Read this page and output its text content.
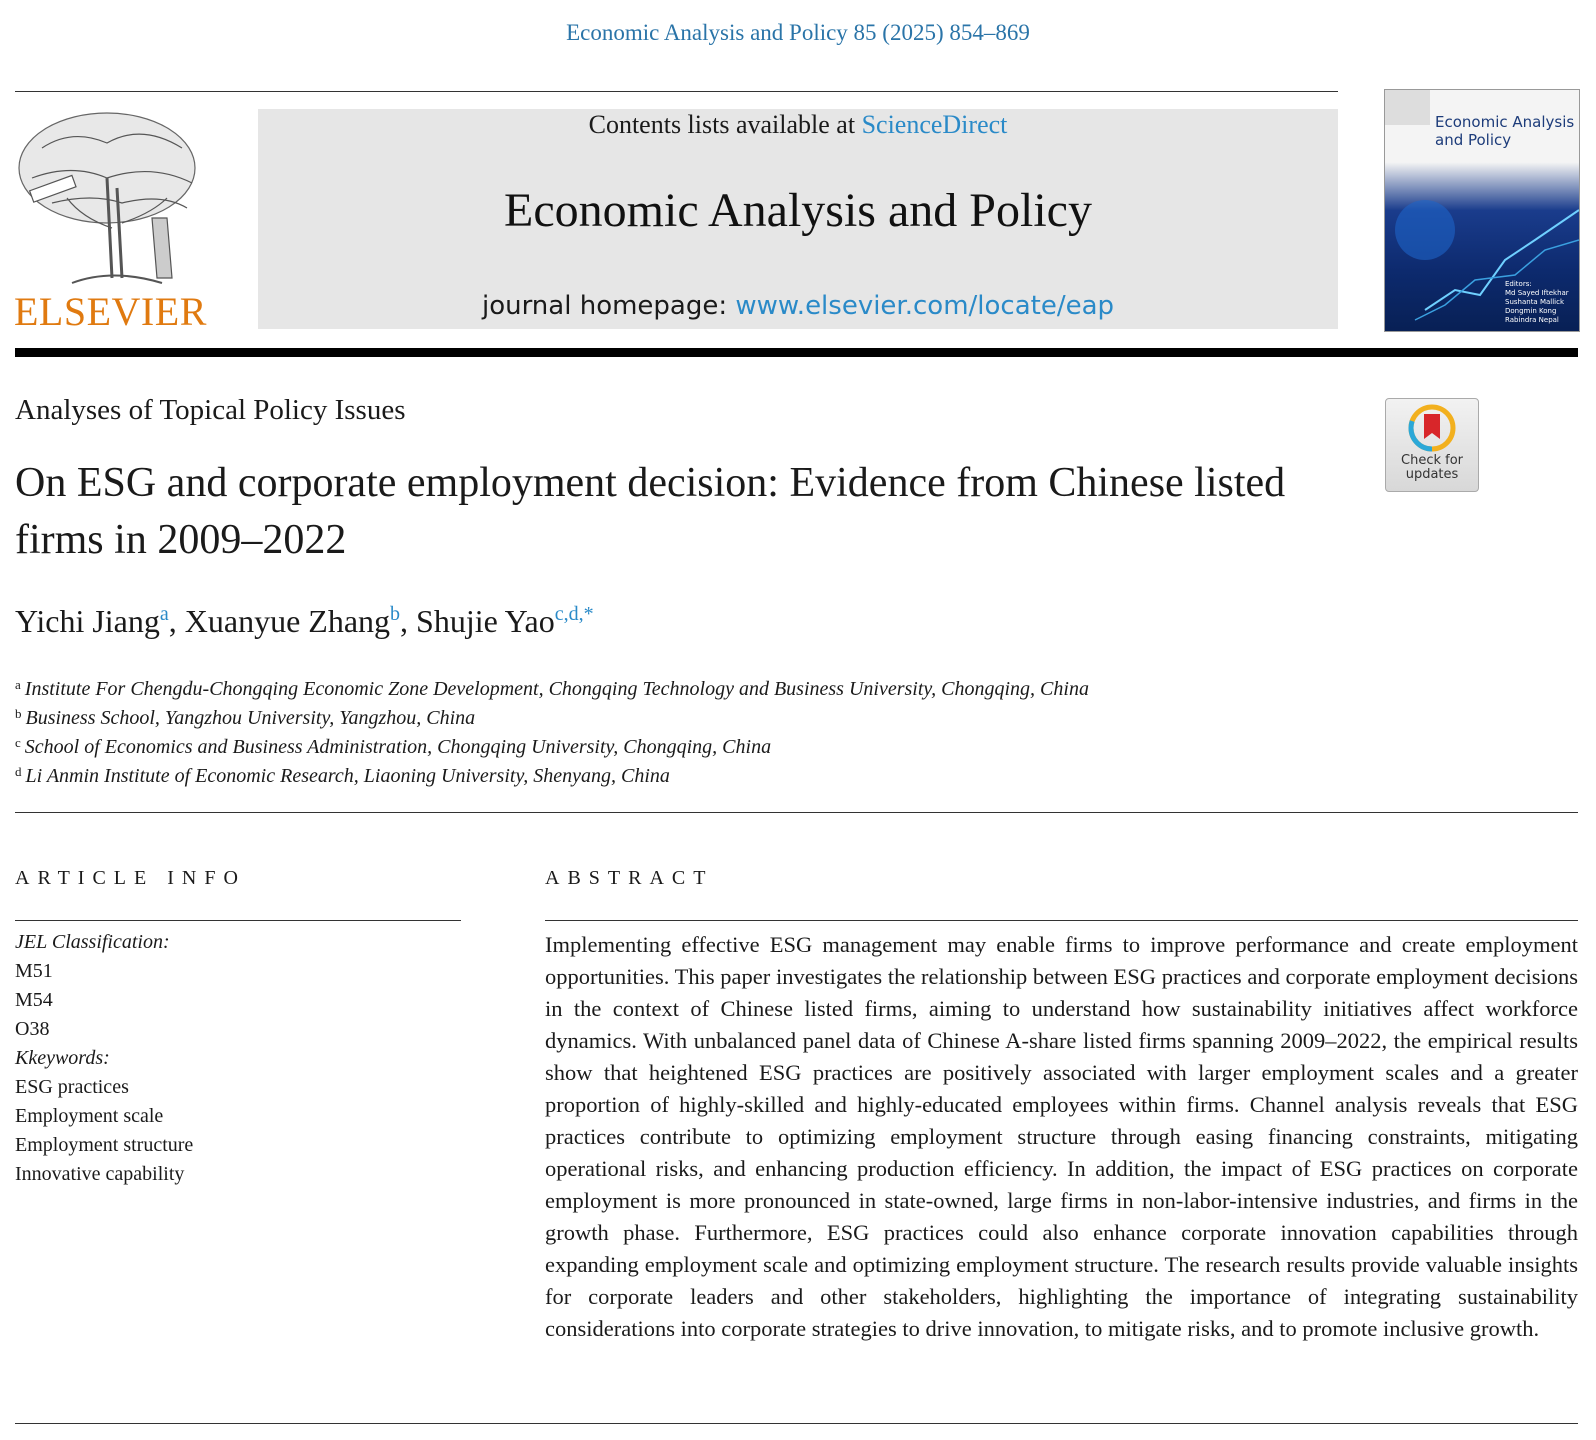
Economic Analysis and Policy 85 (2025) 854–869
ELSEVIER
Contents lists available at ScienceDirect
Economic Analysis and Policy
journal homepage: www.elsevier.com/locate/eap
Economic Analysis and Policy
Editors:
Md Sayed Iftekhar
Sushanta Mallick
Dongmin Kong
Rabindra Nepal
Analyses of Topical Policy Issues
Check for updates
On ESG and corporate employment decision: Evidence from Chinese listed firms in 2009–2022
Yichi Jiang$^a$, Xuanyue Zhang$^b$, Shujie Yao$^{c,d,*}$
$^a$ Institute For Chengdu-Chongqing Economic Zone Development, Chongqing Technology and Business University, Chongqing, China
$^b$ Business School, Yangzhou University, Yangzhou, China
$^c$ School of Economics and Business Administration, Chongqing University, Chongqing, China
$^d$ Li Anmin Institute of Economic Research, Liaoning University, Shenyang, China
ARTICLE INFO	ABSTRACT
JEL Classification:
M51
M54
O38
Kkeywords:
ESG practices
Employment scale
Employment structure
Innovative capability
Implementing effective ESG management may enable firms to improve performance and create employment opportunities. This paper investigates the relationship between ESG practices and corporate employment decisions in the context of Chinese listed firms, aiming to understand how sustainability initiatives affect workforce dynamics. With unbalanced panel data of Chinese A-share listed firms spanning 2009–2022, the empirical results show that heightened ESG practices are positively associated with larger employment scales and a greater proportion of highly-skilled and highly-educated employees within firms. Channel analysis reveals that ESG practices contribute to optimizing employment structure through easing financing constraints, mitigating operational risks, and enhancing production efficiency. In addition, the impact of ESG practices on corporate employment is more pronounced in state-owned, large firms in non-labor-intensive industries, and firms in the growth phase. Furthermore, ESG practices could also enhance corporate innovation capabilities through expanding employment scale and optimizing employment structure. The research results provide valuable insights for corporate leaders and other stakeholders, highlighting the importance of integrating sustainability considerations into corporate strategies to drive innovation, to mitigate risks, and to promote inclusive growth.
